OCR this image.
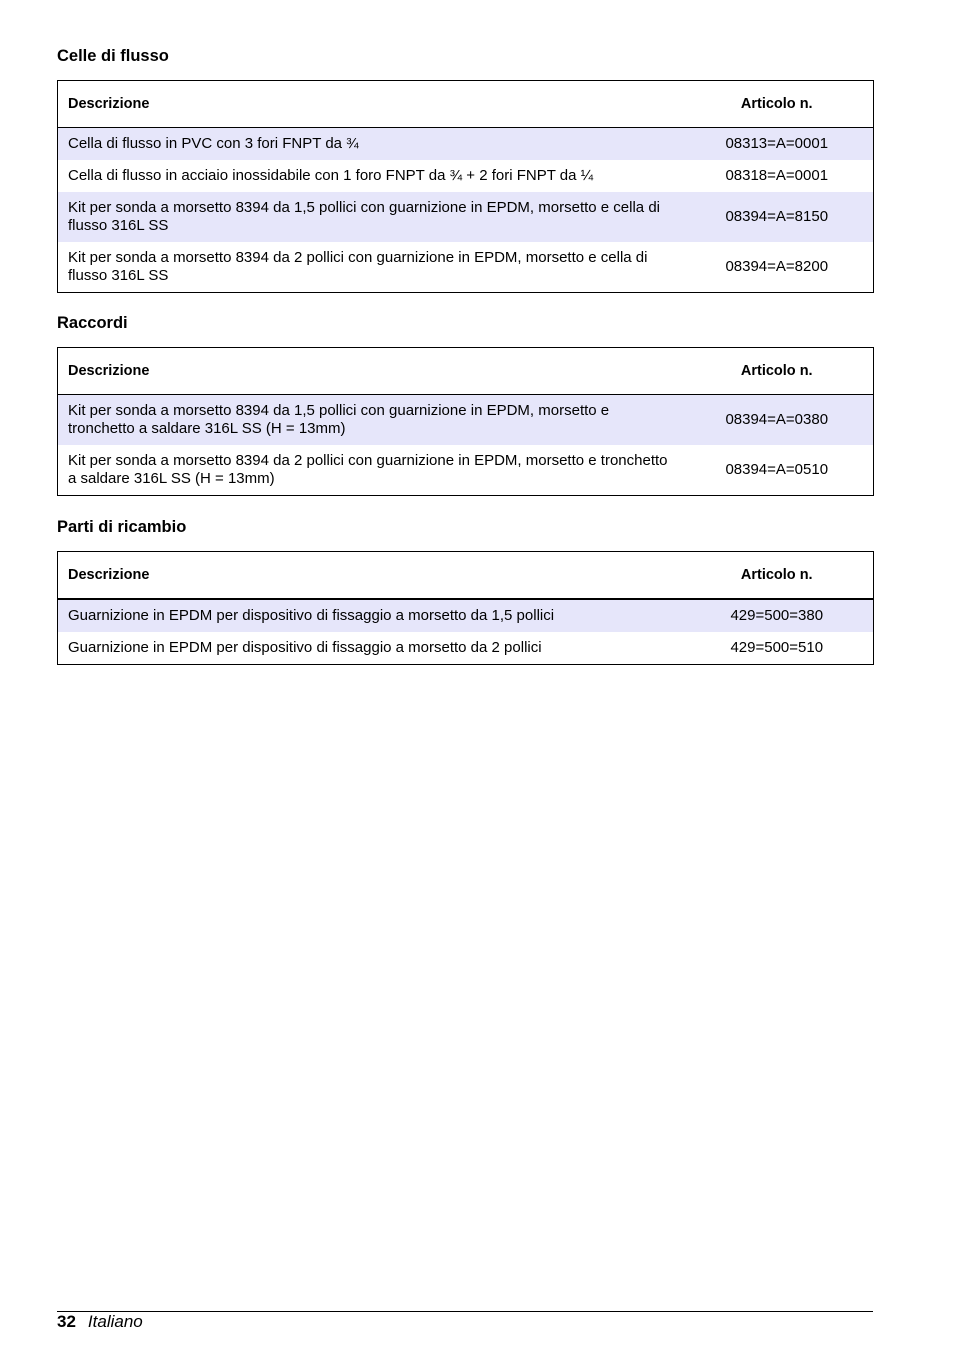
Celle di flusso
Descrizione	Articolo n.
Cella di flusso in PVC con 3 fori FNPT da ¾	08313=A=0001
Cella di flusso in acciaio inossidabile con 1 foro FNPT da ¾ + 2 fori FNPT da ¼	08318=A=0001
Kit per sonda a morsetto 8394 da 1,5 pollici con guarnizione in EPDM, morsetto e cella di flusso 316L SS	08394=A=8150
Kit per sonda a morsetto 8394 da 2 pollici con guarnizione in EPDM, morsetto e cella di flusso 316L SS	08394=A=8200
Raccordi
Descrizione	Articolo n.
Kit per sonda a morsetto 8394 da 1,5 pollici con guarnizione in EPDM, morsetto e tronchetto a saldare 316L SS (H = 13mm)	08394=A=0380
Kit per sonda a morsetto 8394 da 2 pollici con guarnizione in EPDM, morsetto e tronchetto a saldare 316L SS (H = 13mm)	08394=A=0510
Parti di ricambio
Descrizione	Articolo n.
Guarnizione in EPDM per dispositivo di fissaggio a morsetto da 1,5 pollici	429=500=380
Guarnizione in EPDM per dispositivo di fissaggio a morsetto da 2 pollici	429=500=510
32 Italiano
